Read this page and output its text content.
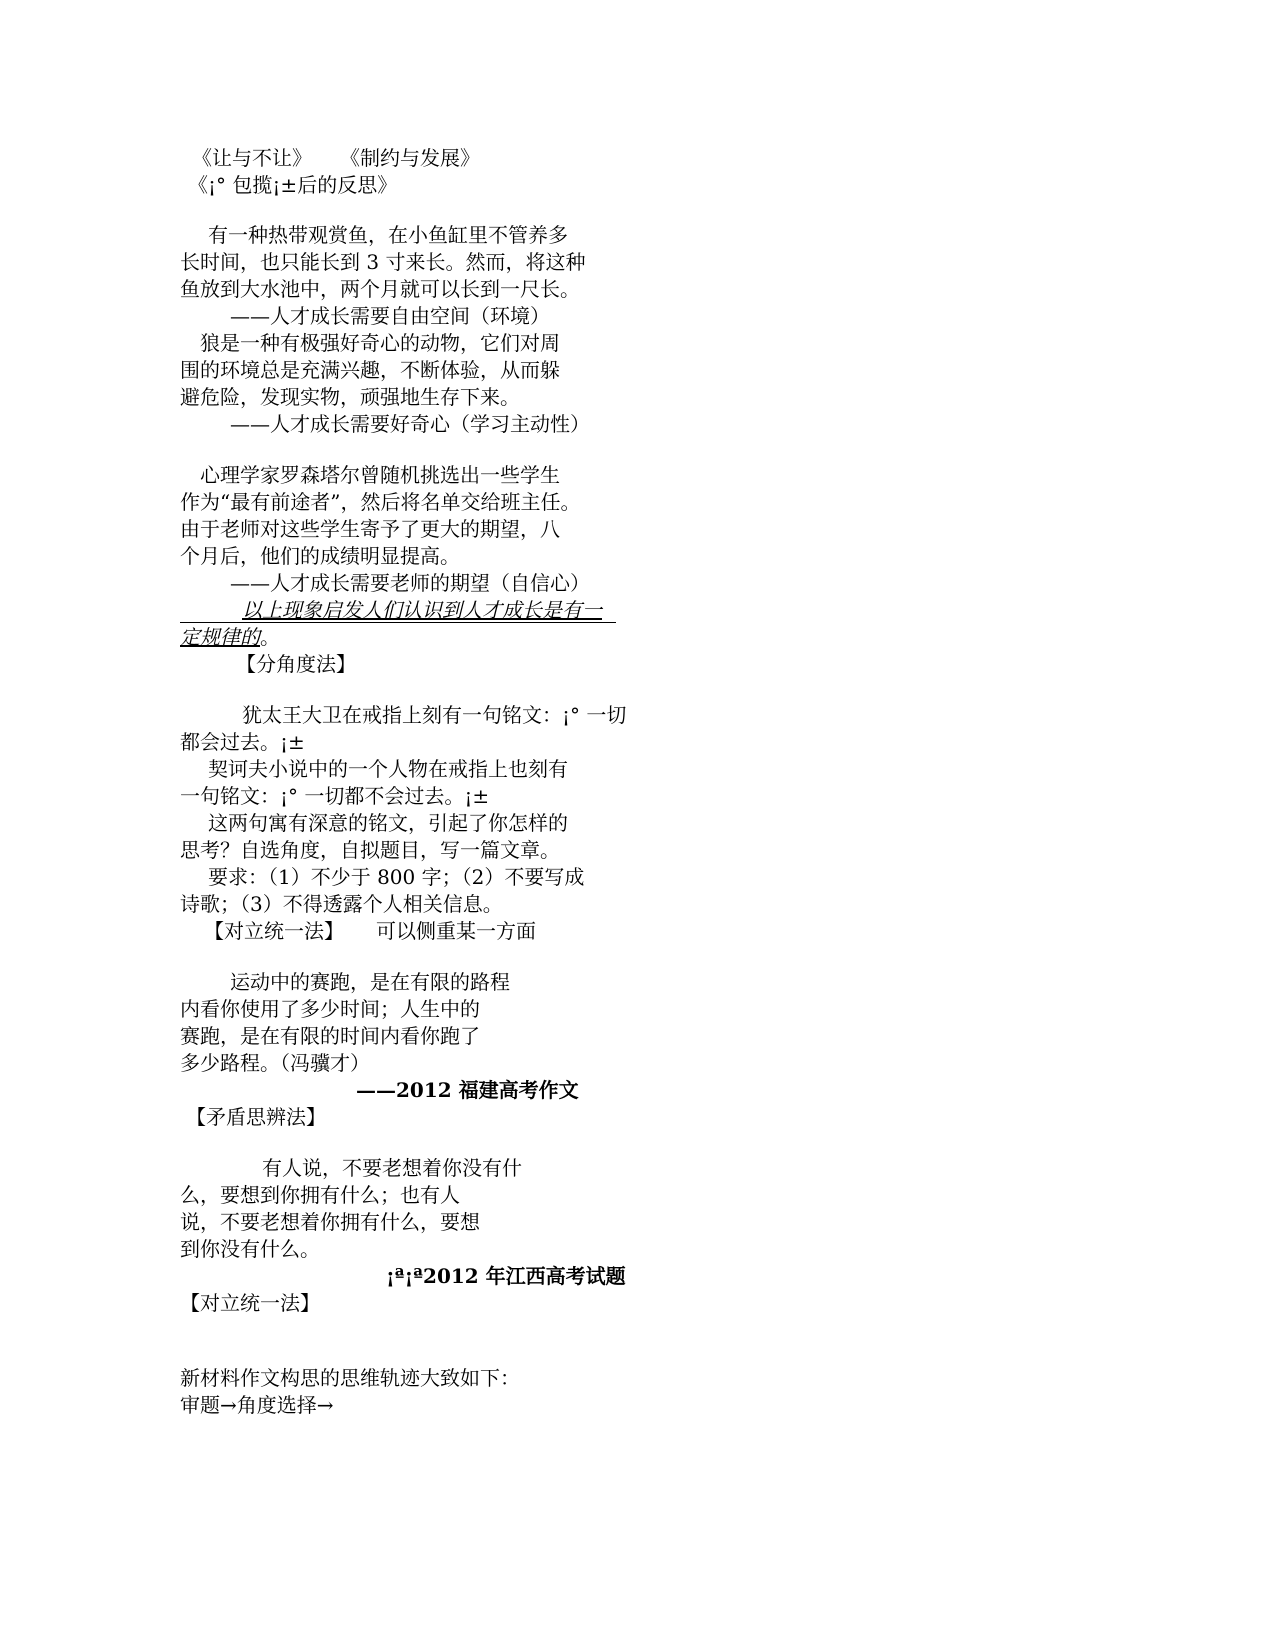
《让与不让》 《制约与发展》

《¡° 包揽¡±后的反思》

有一种热带观赏鱼，在小鱼缸里不管养多

长时间，也只能长到 3 寸来长。然而，将这种

鱼放到大水池中，两个月就可以长到一尺长。

——人才成长需要自由空间（环境）

狼是一种有极强好奇心的动物，它们对周

围的环境总是充满兴趣，不断体验，从而躲

避危险，发现实物，顽强地生存下来。

——人才成长需要好奇心（学习主动性）

心理学家罗森塔尔曾随机挑选出一些学生

作为“最有前途者”，然后将名单交给班主任。

由于老师对这些学生寄予了更大的期望，八

个月后，他们的成绩明显提高。

——人才成长需要老师的期望（自信心）

以上现象启发人们认识到人才成长是有一

定规律的。

【分角度法】

犹太王大卫在戒指上刻有一句铭文：¡° 一切

都会过去。¡±

契诃夫小说中的一个人物在戒指上也刻有

一句铭文：¡° 一切都不会过去。¡±

这两句寓有深意的铭文，引起了你怎样的

思考？自选角度，自拟题目，写一篇文章。

要求：（1）不少于 800 字；（2）不要写成

诗歌；（3）不得透露个人相关信息。

【对立统一法】 可以侧重某一方面

运动中的赛跑，是在有限的路程

内看你使用了多少时间；人生中的

赛跑，是在有限的时间内看你跑了

多少路程。（冯骥才）

——2012 福建高考作文

【矛盾思辨法】

有人说，不要老想着你没有什

么，要想到你拥有什么；也有人

说，不要老想着你拥有什么，要想

到你没有什么。

¡ª¡ª2012 年江西高考试题

【对立统一法】

新材料作文构思的思维轨迹大致如下：

审题→角度选择→
